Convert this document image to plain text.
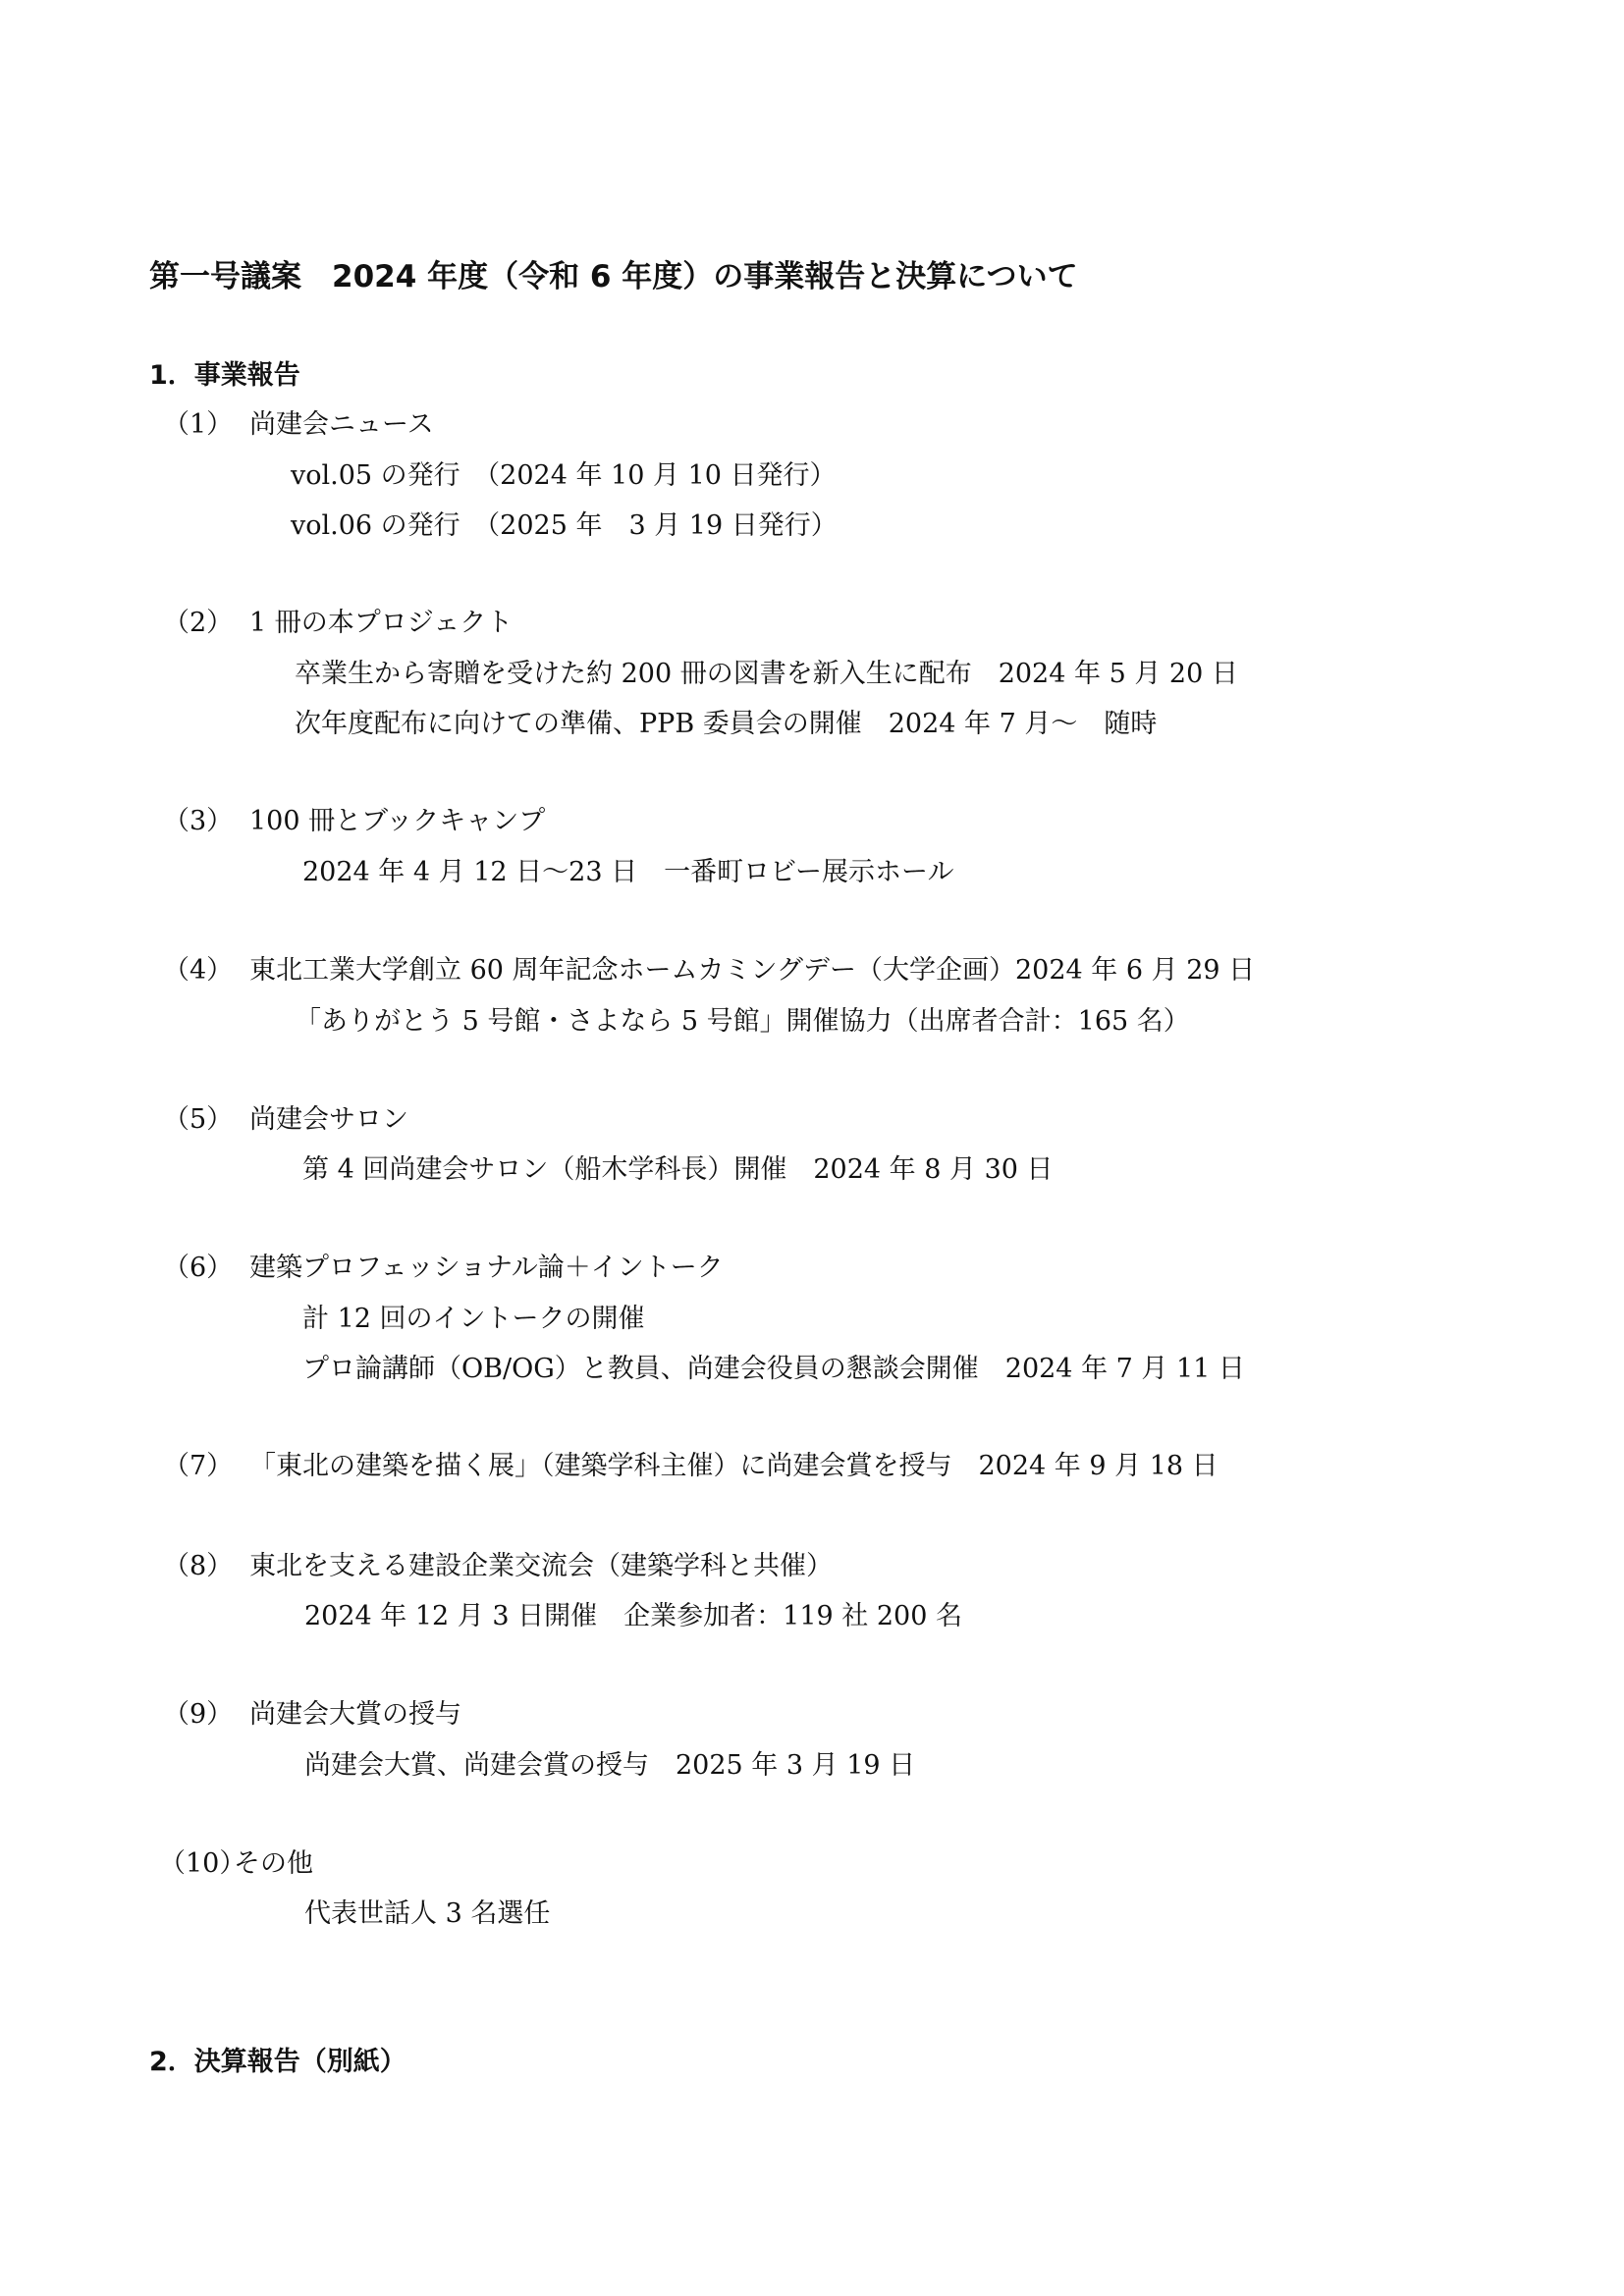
第一号議案　2024 年度（令和 6 年度）の事業報告と決算について
1．事業報告
（1） 尚建会ニュース
vol.05 の発行　（2024 年 10 月 10 日発行）
vol.06 の発行　（2025 年　3 月 19 日発行）
（2） 1 冊の本プロジェクト
卒業生から寄贈を受けた約 200 冊の図書を新入生に配布　2024 年 5 月 20 日
次年度配布に向けての準備、PPB 委員会の開催　2024 年 7 月～　随時
（3） 100 冊とブックキャンプ
2024 年 4 月 12 日～23 日　一番町ロビー展示ホール
（4） 東北工業大学創立 60 周年記念ホームカミングデー（大学企画）2024 年 6 月 29 日
「ありがとう 5 号館・さよなら 5 号館」開催協力（出席者合計：165 名）
（5） 尚建会サロン
第 4 回尚建会サロン（船木学科長）開催　2024 年 8 月 30 日
（6） 建築プロフェッショナル論＋イントーク
計 12 回のイントークの開催
プロ論講師（OB/OG）と教員、尚建会役員の懇談会開催　2024 年 7 月 11 日
（7） 「東北の建築を描く展」（建築学科主催）に尚建会賞を授与　2024 年 9 月 18 日
（8） 東北を支える建設企業交流会（建築学科と共催）
2024 年 12 月 3 日開催　企業参加者：119 社 200 名
（9） 尚建会大賞の授与
尚建会大賞、尚建会賞の授与　2025 年 3 月 19 日
（10）その他
代表世話人 3 名選任
2．決算報告（別紙）
